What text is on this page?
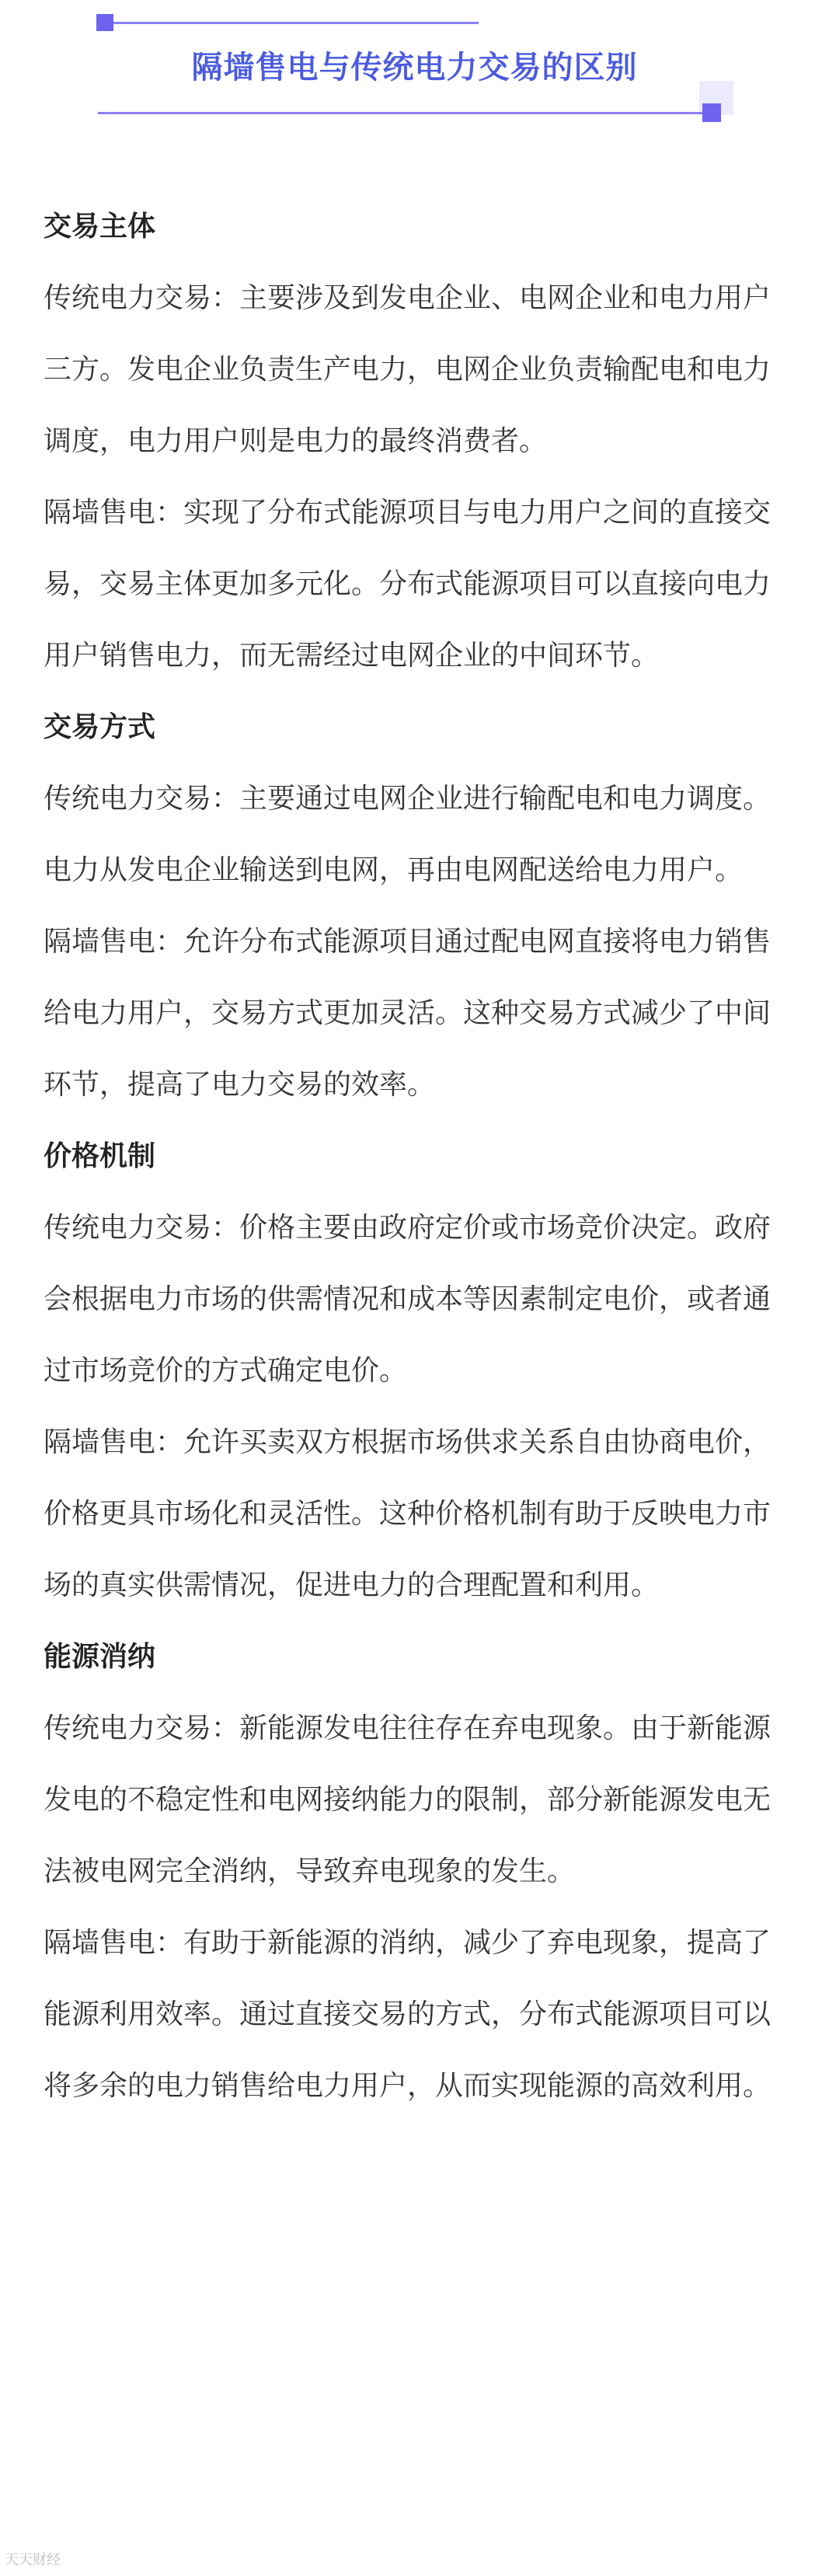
隔墙售电与传统电力交易的区别
交易主体

传统电力交易：主要涉及到发电企业、电网企业和电力用户三方。发电企业负责生产电力，电网企业负责输配电和电力调度，电力用户则是电力的最终消费者。

隔墙售电：实现了分布式能源项目与电力用户之间的直接交易，交易主体更加多元化。分布式能源项目可以直接向电力用户销售电力，而无需经过电网企业的中间环节。

交易方式

传统电力交易：主要通过电网企业进行输配电和电力调度。电力从发电企业输送到电网，再由电网配送给电力用户。

隔墙售电：允许分布式能源项目通过配电网直接将电力销售给电力用户，交易方式更加灵活。这种交易方式减少了中间环节，提高了电力交易的效率。

价格机制

传统电力交易：价格主要由政府定价或市场竞价决定。政府会根据电力市场的供需情况和成本等因素制定电价，或者通过市场竞价的方式确定电价。

隔墙售电：允许买卖双方根据市场供求关系自由协商电价，价格更具市场化和灵活性。这种价格机制有助于反映电力市场的真实供需情况，促进电力的合理配置和利用。

能源消纳

传统电力交易：新能源发电往往存在弃电现象。由于新能源发电的不稳定性和电网接纳能力的限制，部分新能源发电无法被电网完全消纳，导致弃电现象的发生。

隔墙售电：有助于新能源的消纳，减少了弃电现象，提高了能源利用效率。通过直接交易的方式，分布式能源项目可以将多余的电力销售给电力用户，从而实现能源的高效利用。

天天财经
